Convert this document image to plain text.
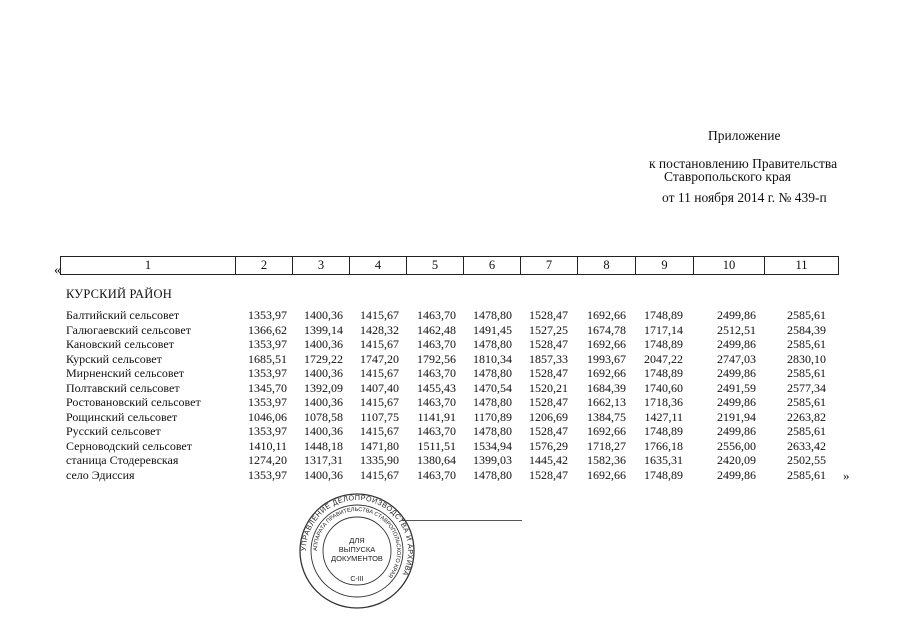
Приложение
к постановлению Правительства
Ставропольского края
от 11 ноября 2014 г. № 439-п
«	1	2	3	4	5	6	7	8	9	10	11
КУРСКИЙ РАЙОН
Балтийский сельсовет	1353,97	1400,36	1415,67	1463,70	1478,80	1528,47	1692,66	1748,89	2499,86	2585,61
Галюгаевский сельсовет	1366,62	1399,14	1428,32	1462,48	1491,45	1527,25	1674,78	1717,14	2512,51	2584,39
Кановский сельсовет	1353,97	1400,36	1415,67	1463,70	1478,80	1528,47	1692,66	1748,89	2499,86	2585,61
Курский сельсовет	1685,51	1729,22	1747,20	1792,56	1810,34	1857,33	1993,67	2047,22	2747,03	2830,10
Мирненский сельсовет	1353,97	1400,36	1415,67	1463,70	1478,80	1528,47	1692,66	1748,89	2499,86	2585,61
Полтавский сельсовет	1345,70	1392,09	1407,40	1455,43	1470,54	1520,21	1684,39	1740,60	2491,59	2577,34
Ростовановский сельсовет	1353,97	1400,36	1415,67	1463,70	1478,80	1528,47	1662,13	1718,36	2499,86	2585,61
Рощинский сельсовет	1046,06	1078,58	1107,75	1141,91	1170,89	1206,69	1384,75	1427,11	2191,94	2263,82
Русский сельсовет	1353,97	1400,36	1415,67	1463,70	1478,80	1528,47	1692,66	1748,89	2499,86	2585,61
Серноводский сельсовет	1410,11	1448,18	1471,80	1511,51	1534,94	1576,29	1718,27	1766,18	2556,00	2633,42
станица Стодеревская	1274,20	1317,31	1335,90	1380,64	1399,03	1445,42	1582,36	1635,31	2420,09	2502,55
село Эдиссия	1353,97	1400,36	1415,67	1463,70	1478,80	1528,47	1692,66	1748,89	2499,86	2585,61 »
УПРАВЛЕНИЕ ДЕЛОПРОИЗВОДСТВА И АРХИВА
АППАРАТА ПРАВИТЕЛЬСТВА СТАВРОПОЛЬСКОГО КРАЯ
ДЛЯ
ВЫПУСКА
ДОКУМЕНТОВ
С-III
